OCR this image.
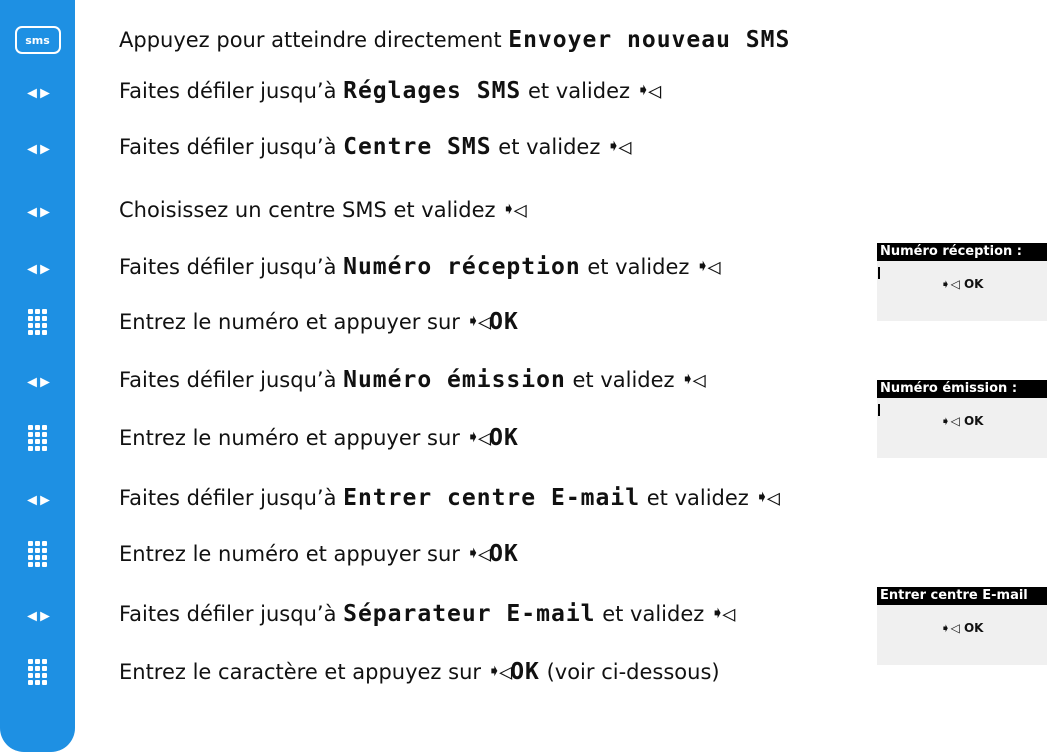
sms
◂▸
◂▸
◂▸
◂▸
◂▸
◂▸
◂▸
Appuyez pour atteindre directement Envoyer nouveau SMS
Faites défiler jusqu’à Réglages SMS et validez ➧◁
Faites défiler jusqu’à Centre SMS et validez ➧◁
Choisissez un centre SMS et validez ➧◁
Faites défiler jusqu’à Numéro réception et validez ➧◁
Entrez le numéro et appuyer sur ➧◁OK
Faites défiler jusqu’à Numéro émission et validez ➧◁
Entrez le numéro et appuyer sur ➧◁OK
Faites défiler jusqu’à Entrer centre E-mail et validez ➧◁
Entrez le numéro et appuyer sur ➧◁OK
Faites défiler jusqu’à Séparateur E-mail et validez ➧◁
Entrez le caractère et appuyez sur ➧◁OK (voir ci-dessous)
Numéro réception :
➧◁ OK
Numéro émission :
➧◁ OK
Entrer centre E-mail
➧◁ OK
